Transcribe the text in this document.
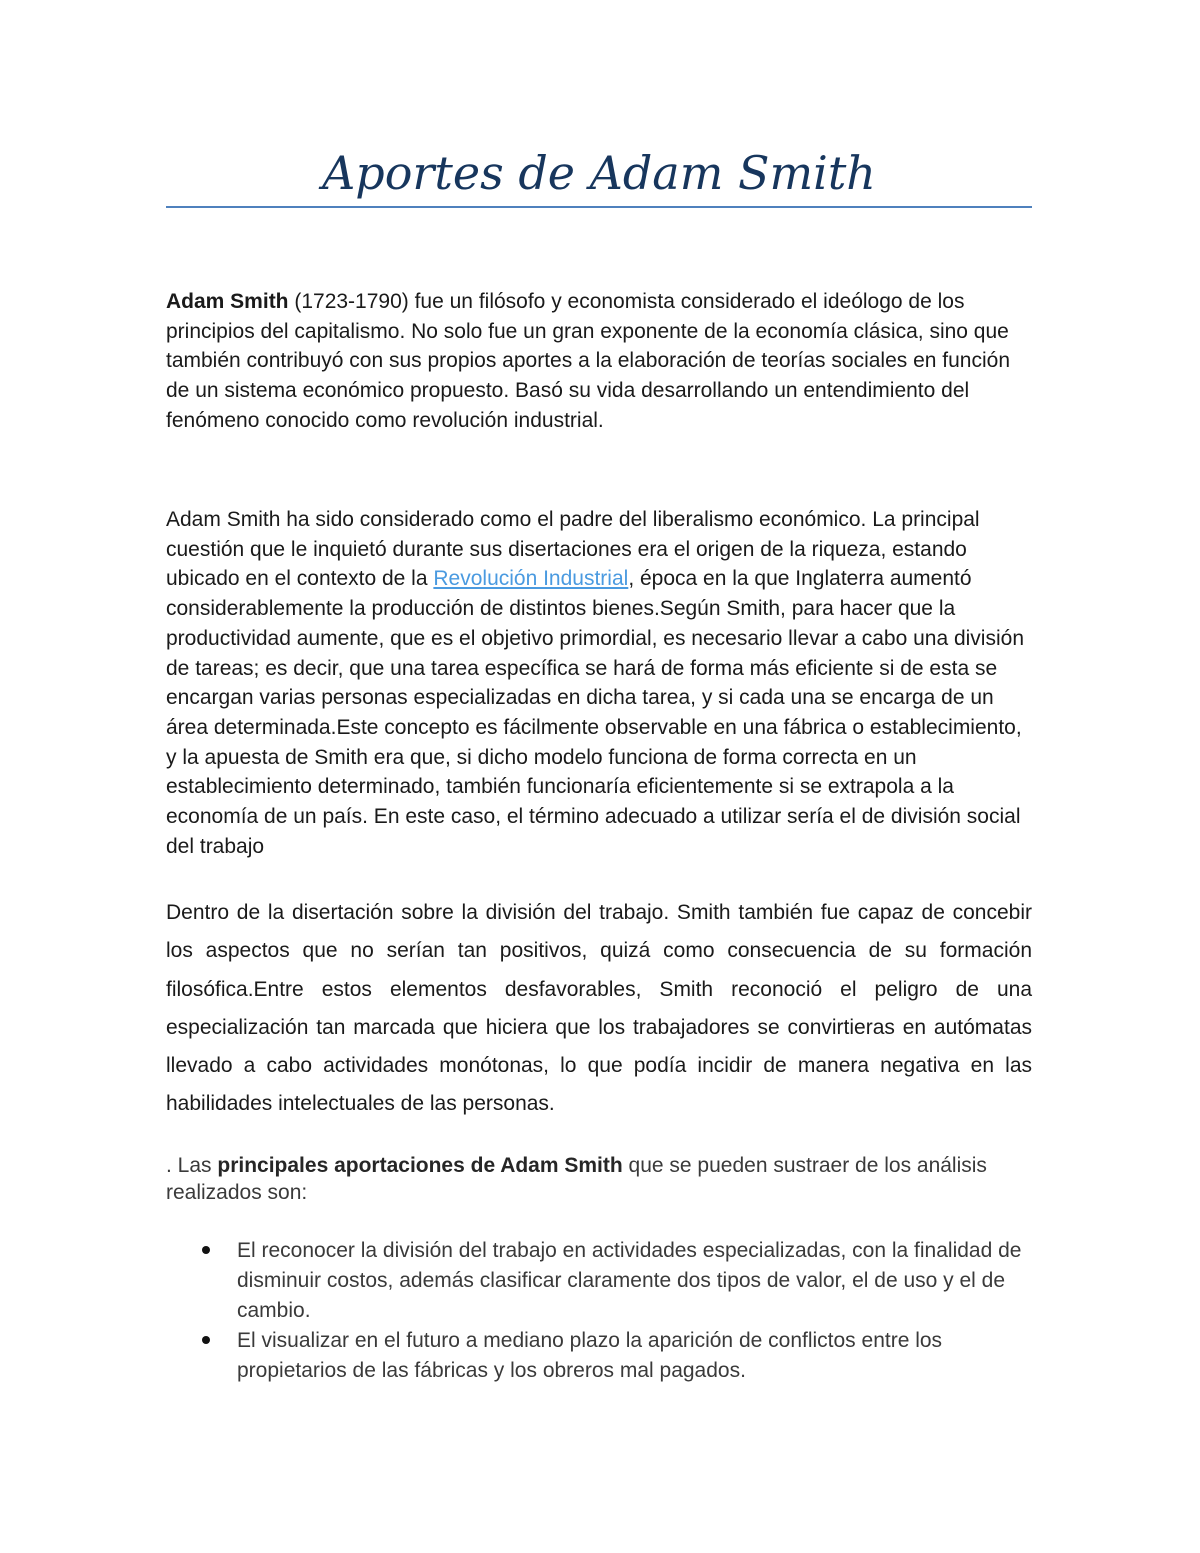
Aportes de Adam Smith

Adam Smith (1723-1790) fue un filósofo y economista considerado el ideólogo de los principios del capitalismo. No solo fue un gran exponente de la economía clásica, sino que también contribuyó con sus propios aportes a la elaboración de teorías sociales en función de un sistema económico propuesto. Basó su vida desarrollando un entendimiento del fenómeno conocido como revolución industrial.

Adam Smith ha sido considerado como el padre del liberalismo económico. La principal cuestión que le inquietó durante sus disertaciones era el origen de la riqueza, estando ubicado en el contexto de la Revolución Industrial, época en la que Inglaterra aumentó considerablemente la producción de distintos bienes.Según Smith, para hacer que la productividad aumente, que es el objetivo primordial, es necesario llevar a cabo una división de tareas; es decir, que una tarea específica se hará de forma más eficiente si de esta se encargan varias personas especializadas en dicha tarea, y si cada una se encarga de un área determinada.Este concepto es fácilmente observable en una fábrica o establecimiento, y la apuesta de Smith era que, si dicho modelo funciona de forma correcta en un establecimiento determinado, también funcionaría eficientemente si se extrapola a la economía de un país. En este caso, el término adecuado a utilizar sería el de división social del trabajo

Dentro de la disertación sobre la división del trabajo. Smith también fue capaz de concebir los aspectos que no serían tan positivos, quizá como consecuencia de su formación filosófica.Entre estos elementos desfavorables, Smith reconoció el peligro de una especialización tan marcada que hiciera que los trabajadores se convirtieras en autómatas llevado a cabo actividades monótonas, lo que podía incidir de manera negativa en las habilidades intelectuales de las personas.

. Las principales aportaciones de Adam Smith que se pueden sustraer de los análisis realizados son:

El reconocer la división del trabajo en actividades especializadas, con la finalidad de disminuir costos, además clasificar claramente dos tipos de valor, el de uso y el de cambio.
El visualizar en el futuro a mediano plazo la aparición de conflictos entre los propietarios de las fábricas y los obreros mal pagados.
